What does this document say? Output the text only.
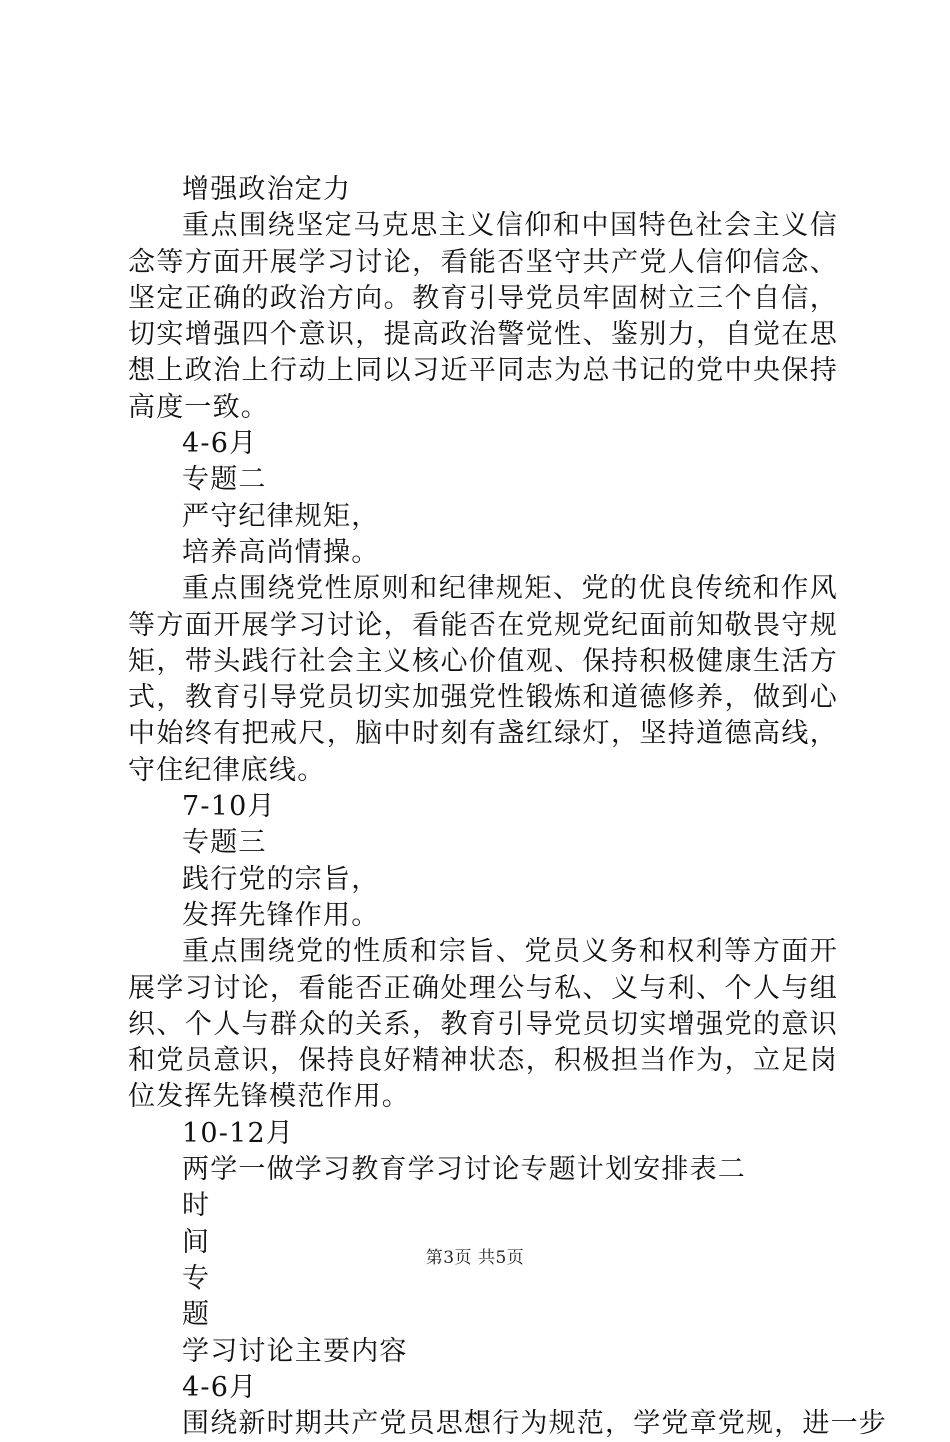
增强政治定力

重点围绕坚定马克思主义信仰和中国特色社会主义信念等方面开展学习讨论，看能否坚守共产党人信仰信念、坚定正确的政治方向。教育引导党员牢固树立三个自信，切实增强四个意识，提高政治警觉性、鉴别力，自觉在思想上政治上行动上同以习近平同志为总书记的党中央保持高度一致。

4-6月
专题二
严守纪律规矩，
培养高尚情操。

重点围绕党性原则和纪律规矩、党的优良传统和作风等方面开展学习讨论，看能否在党规党纪面前知敬畏守规矩，带头践行社会主义核心价值观、保持积极健康生活方式，教育引导党员切实加强党性锻炼和道德修养，做到心中始终有把戒尺，脑中时刻有盏红绿灯，坚持道德高线，守住纪律底线。

7-10月
专题三
践行党的宗旨，
发挥先锋作用。

重点围绕党的性质和宗旨、党员义务和权利等方面开展学习讨论，看能否正确处理公与私、义与利、个人与组织、个人与群众的关系，教育引导党员切实增强党的意识和党员意识，保持良好精神状态，积极担当作为，立足岗位发挥先锋模范作用。

10-12月
两学一做学习教育学习讨论专题计划安排表二
时
间
专
题
学习讨论主要内容
4-6月
围绕新时期共产党员思想行为规范，学党章党规，进一步
第3页 共5页
